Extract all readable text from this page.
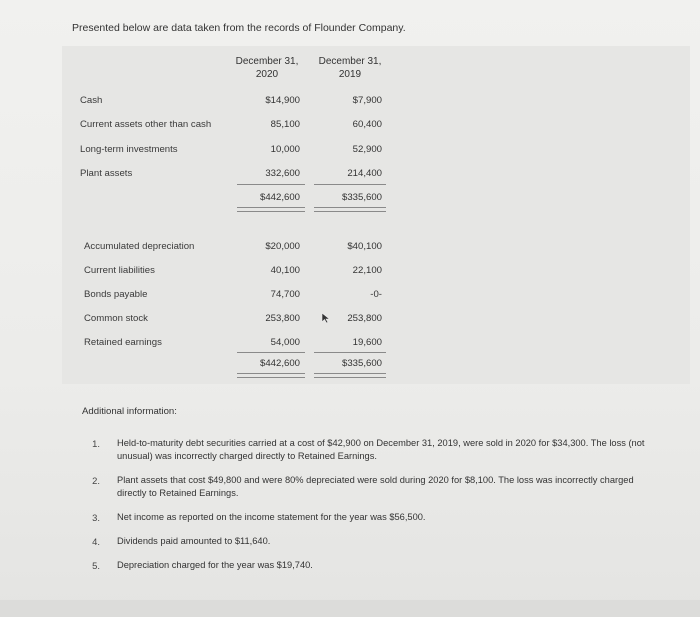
Presented below are data taken from the records of Flounder Company.
December 31,
2020
December 31,
2019
Cash	$14,900	$7,900
Current assets other than cash	85,100	60,400
Long-term investments	10,000	52,900
Plant assets	332,600	214,400
$442,600	$335,600
Accumulated depreciation	$20,000	$40,100
Current liabilities	40,100	22,100
Bonds payable	74,700	-0-
Common stock	253,800	253,800
Retained earnings	54,000	19,600
$442,600	$335,600
Additional information:
1. Held-to-maturity debt securities carried at a cost of $42,900 on December 31, 2019, were sold in 2020 for $34,300. The loss (not unusual) was incorrectly charged directly to Retained Earnings.
2. Plant assets that cost $49,800 and were 80% depreciated were sold during 2020 for $8,100. The loss was incorrectly charged directly to Retained Earnings.
3. Net income as reported on the income statement for the year was $56,500.
4. Dividends paid amounted to $11,640.
5. Depreciation charged for the year was $19,740.
